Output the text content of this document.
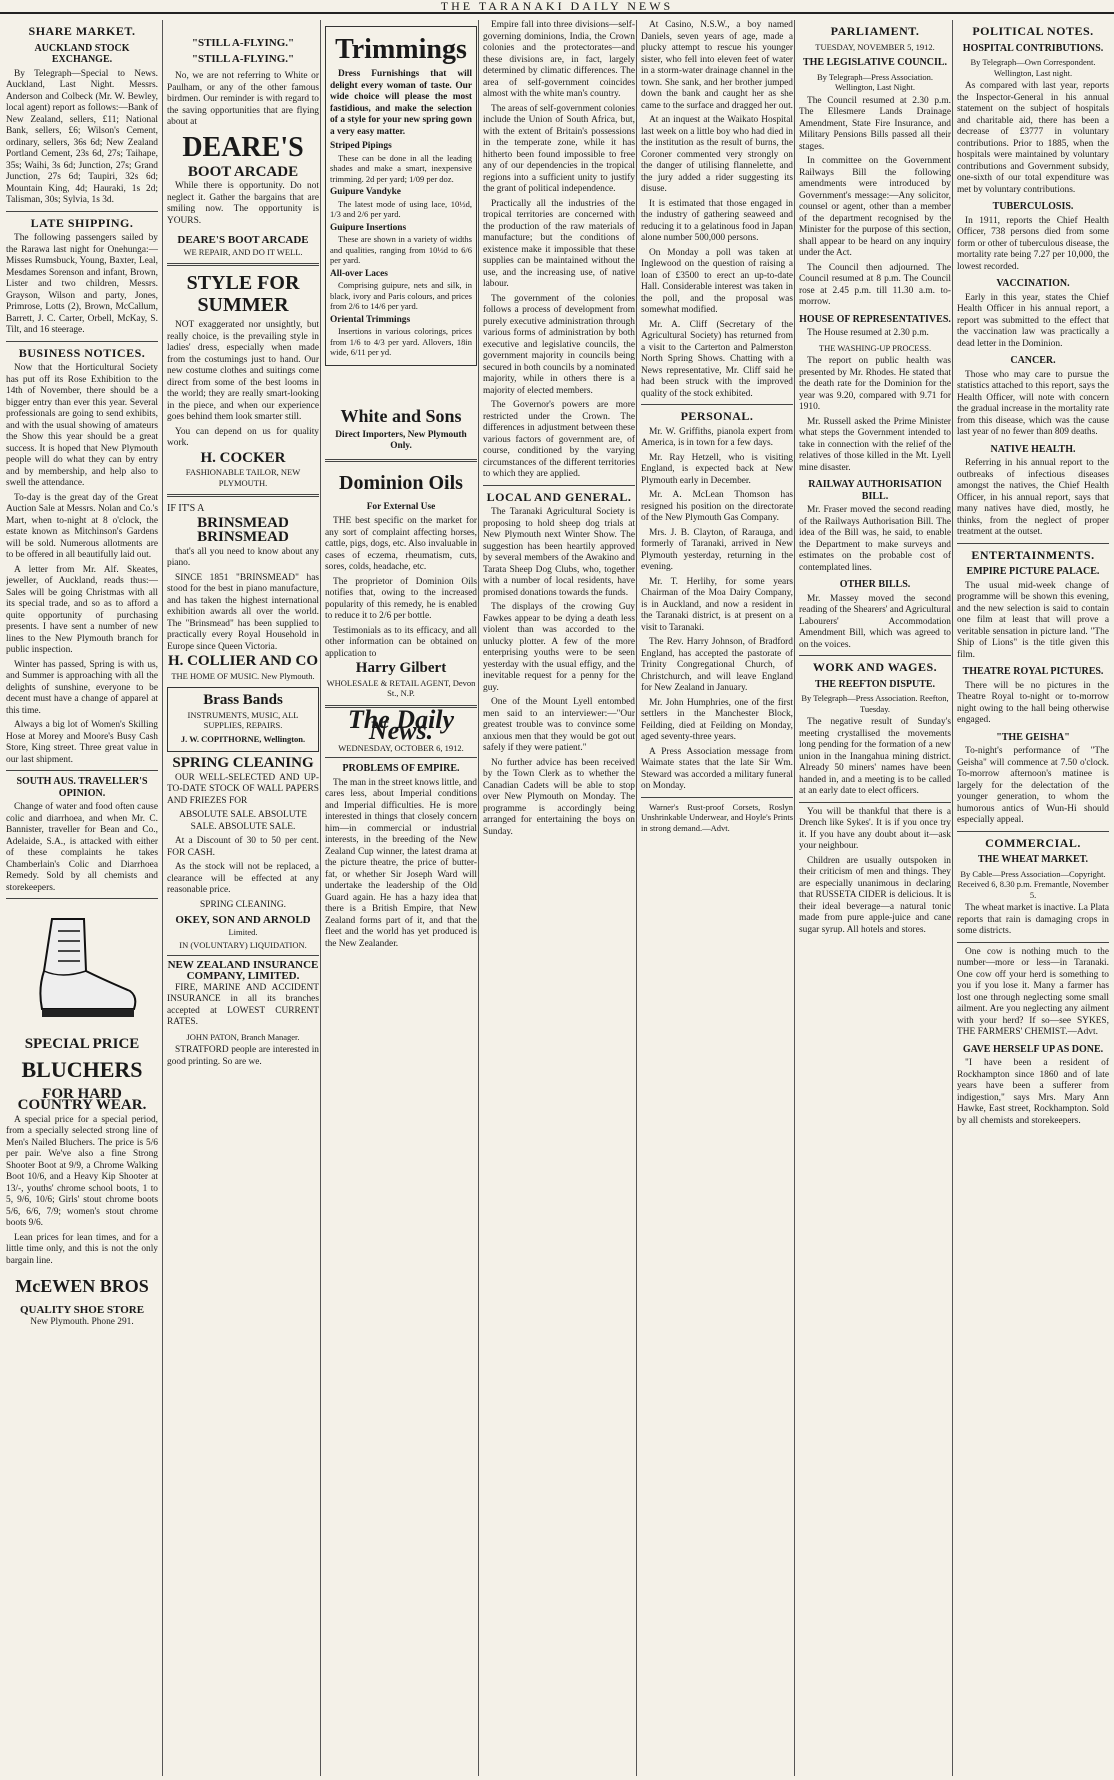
THE TARANAKI DAILY NEWS
SHARE MARKET.
AUCKLAND STOCK EXCHANGE.

By Telegraph—Special to News. Auckland, Last Night. Messrs. Anderson and Colbeck (Mr. W. Bewley, local agent) report as follows:—Bank of New Zealand, sellers, £11; National Bank, sellers, £6; Wilson's Cement, ordinary, sellers, 36s 6d; New Zealand Portland Cement, 23s 6d, 27s; Taihape, 35s; Waihi, 3s 6d; Junction, 27s; Grand Junction, 27s 6d; Taupiri, 32s 6d; Mountain King, 4d; Hauraki, 1s 2d; Talisman, 30s; Sylvia, 1s 3d.

LATE SHIPPING.

The following passengers sailed by the Rarawa last night for Onehunga:—Misses Rumsbuck, Young, Baxter, Leal, Mesdames Sorenson and infant, Brown, Lister and two children, Messrs. Grayson, Wilson and party, Jones, Primrose, Lotts (2), Brown, McCallum, Barrett, J. C. Carter, Orbell, McKay, S. Tilt, and 16 steerage.

BUSINESS NOTICES.

Now that the Horticultural Society has put off its Rose Exhibition to the 14th of November, there should be a bigger entry than ever this year. Several professionals are going to send exhibits, and with the usual showing of amateurs the Show this year should be a great success. It is hoped that New Plymouth people will do what they can by entry and by membership, and help also to swell the attendance.

To-day is the great day of the Great Auction Sale at Messrs. Nolan and Co.'s Mart, when to-night at 8 o'clock, the estate known as Mitchinson's Gardens will be sold. Numerous allotments are to be offered in all beautifully laid out.

A letter from Mr. Alf. Skeates, jeweller, of Auckland, reads thus:—Sales will be going Christmas with all its special trade, and so as to afford a quite opportunity of purchasing presents. I have sent a number of new lines to the New Plymouth branch for public inspection.

Winter has passed, Spring is with us, and Summer is approaching with all the delights of sunshine, everyone to be decent must have a change of apparel at this time.

Always a big lot of Women's Skilling Hose at Morey and Moore's Busy Cash Store, King street. Three great value in our last shipment.

SOUTH AUS. TRAVELLER'S OPINION.

Change of water and food often cause colic and diarrhoea, and when Mr. C. Bannister, traveller for Bean and Co., Adelaide, S.A., is attacked with either of these complaints he takes Chamberlain's Colic and Diarrhoea Remedy. Sold by all chemists and storekeepers.

SPECIAL PRICE
BLUCHERS
FOR HARD COUNTRY WEAR.

A special price for a special period, from a specially selected strong line of Men's Nailed Bluchers. The price is 5/6 per pair. We've also a fine Strong Shooter Boot at 9/9, a Chrome Walking Boot 10/6, and a Heavy Kip Shooter at 13/-, youths' chrome school boots, 1 to 5, 9/6, 10/6; Girls' stout chrome boots 5/6, 6/6, 7/9; women's stout chrome boots 9/6.

Lean prices for lean times, and for a little time only, and this is not the only bargain line.

McEWEN BROS
QUALITY SHOE STORE

New Plymouth. Phone 291.

"STILL A-FLYING."
"STILL A-FLYING."

No, we are not referring to White or Paulham, or any of the other famous birdmen. Our reminder is with regard to the saving opportunities that are flying about at

DEARE'S
BOOT ARCADE

While there is opportunity. Do not neglect it. Gather the bargains that are smiling now. The opportunity is YOURS.

DEARE'S BOOT ARCADE

WE REPAIR, AND DO IT WELL.

STYLE FOR SUMMER

NOT exaggerated nor unsightly, but really choice, is the prevailing style in ladies' dress, especially when made from the costumings just to hand. Our new costume clothes and suitings come direct from some of the best looms in the world; they are really smart-looking in the piece, and when our experience goes behind them look smarter still.

You can depend on us for quality work.

H. COCKER

FASHIONABLE TAILOR, NEW PLYMOUTH.

IF IT'S A
BRINSMEAD
BRINSMEAD

that's all you need to know about any piano.

SINCE 1851 "BRINSMEAD" has stood for the best in piano manufacture, and has taken the highest international exhibition awards all over the world. The "Brinsmead" has been supplied to practically every Royal Household in Europe since Queen Victoria.

H. COLLIER AND CO

THE HOME OF MUSIC. New Plymouth.

Brass Bands

INSTRUMENTS, MUSIC, ALL SUPPLIES, REPAIRS.

J. W. COPITHORNE, Wellington.

SPRING CLEANING

OUR WELL-SELECTED AND UP-TO-DATE STOCK OF WALL PAPERS AND FRIEZES FOR

ABSOLUTE SALE. ABSOLUTE SALE. ABSOLUTE SALE.

At a Discount of 30 to 50 per cent. FOR CASH.

As the stock will not be replaced, a clearance will be effected at any reasonable price.

SPRING CLEANING.

OKEY, SON AND ARNOLD

Limited.

IN (VOLUNTARY) LIQUIDATION.

NEW ZEALAND INSURANCE COMPANY, LIMITED.

FIRE, MARINE AND ACCIDENT INSURANCE in all its branches accepted at LOWEST CURRENT RATES.

JOHN PATON, Branch Manager.

STRATFORD people are interested in good printing. So are we.

Trimmings

Dress Furnishings that will delight every woman of taste. Our wide choice will please the most fastidious, and make the selection of a style for your new spring gown a very easy matter.

Striped Pipings

These can be done in all the leading shades and make a smart, inexpensive trimming. 2d per yard; 1/09 per doz.

Guipure Vandyke

The latest mode of using lace, 10½d, 1/3 and 2/6 per yard.

Guipure Insertions

These are shown in a variety of widths and qualities, ranging from 10½d to 6/6 per yard.

All-over Laces

Comprising guipure, nets and silk, in black, ivory and Paris colours, and prices from 2/6 to 14/6 per yard.

Oriental Trimmings

Insertions in various colorings, prices from 1/6 to 4/3 per yard. Allovers, 18in wide, 6/11 per yd.

White and Sons

Direct Importers, New Plymouth Only.

Dominion Oils

For External Use

THE best specific on the market for any sort of complaint affecting horses, cattle, pigs, dogs, etc. Also invaluable in cases of eczema, rheumatism, cuts, sores, colds, headache, etc.

The proprietor of Dominion Oils notifies that, owing to the increased popularity of this remedy, he is enabled to reduce it to 2/6 per bottle.

Testimonials as to its efficacy, and all other information can be obtained on application to

Harry Gilbert

WHOLESALE & RETAIL AGENT, Devon St., N.P.

The Daily News.

WEDNESDAY, OCTOBER 6, 1912.

PROBLEMS OF EMPIRE.

The man in the street knows little, and cares less, about Imperial conditions and Imperial difficulties. He is more interested in things that closely concern him—in commercial or industrial interests, in the breeding of the New Zealand Cup winner, the latest drama at the picture theatre, the price of butter-fat, or whether Sir Joseph Ward will undertake the leadership of the Old Guard again. He has a hazy idea that there is a British Empire, that New Zealand forms part of it, and that the fleet and the world has yet produced is the New Zealander.

Empire fall into three divisions—self-governing dominions, India, the Crown colonies and the protectorates—and these divisions are, in fact, largely determined by climatic differences. The area of self-government coincides almost with the white man's country.

The areas of self-government colonies include the Union of South Africa, but, with the extent of Britain's possessions in the temperate zone, while it has hitherto been found impossible to free any of our dependencies in the tropical regions into a sufficient unity to justify the grant of political independence.

Practically all the industries of the tropical territories are concerned with the production of the raw materials of manufacture; but the conditions of existence make it impossible that these supplies can be maintained without the use, and the increasing use, of native labour.

The government of the colonies follows a process of development from purely executive administration through various forms of administration by both executive and legislative councils, the government majority in councils being secured in both councils by a nominated majority, while in others there is a majority of elected members.

The Governor's powers are more restricted under the Crown. The differences in adjustment between these various factors of government are, of course, conditioned by the varying circumstances of the different territories to which they are applied.

LOCAL AND GENERAL.

The Taranaki Agricultural Society is proposing to hold sheep dog trials at New Plymouth next Winter Show. The suggestion has been heartily approved by several members of the Awakino and Tarata Sheep Dog Clubs, who, together with a number of local residents, have promised donations towards the funds.

The displays of the crowing Guy Fawkes appear to be dying a death less violent than was accorded to the unlucky plotter. A few of the more enterprising youths were to be seen yesterday with the usual effigy, and the inevitable request for a penny for the guy.

One of the Mount Lyell entombed men said to an interviewer:—"Our greatest trouble was to convince some anxious men that they would be got out safely if they were patient."

No further advice has been received by the Town Clerk as to whether the Canadian Cadets will be able to stop over New Plymouth on Monday. The programme is accordingly being arranged for entertaining the boys on Sunday.

At Casino, N.S.W., a boy named Daniels, seven years of age, made a plucky attempt to rescue his younger sister, who fell into eleven feet of water in a storm-water drainage channel in the town. She sank, and her brother jumped down the bank and caught her as she came to the surface and dragged her out.

At an inquest at the Waikato Hospital last week on a little boy who had died in the institution as the result of burns, the Coroner commented very strongly on the danger of utilising flannelette, and the jury added a rider suggesting its disuse.

It is estimated that those engaged in the industry of gathering seaweed and reducing it to a gelatinous food in Japan alone number 500,000 persons.

On Monday a poll was taken at Inglewood on the question of raising a loan of £3500 to erect an up-to-date Hall. Considerable interest was taken in the poll, and the proposal was somewhat modified.

Mr. A. Cliff (Secretary of the Agricultural Society) has returned from a visit to the Carterton and Palmerston North Spring Shows. Chatting with a News representative, Mr. Cliff said he had been struck with the improved quality of the stock exhibited.

PERSONAL.

Mr. W. Griffiths, pianola expert from America, is in town for a few days.

Mr. Ray Hetzell, who is visiting England, is expected back at New Plymouth early in December.

Mr. A. McLean Thomson has resigned his position on the directorate of the New Plymouth Gas Company.

Mrs. J. B. Clayton, of Rarauga, and formerly of Taranaki, arrived in New Plymouth yesterday, returning in the evening.

Mr. T. Herlihy, for some years Chairman of the Moa Dairy Company, is in Auckland, and now a resident in the Taranaki district, is at present on a visit to Taranaki.

The Rev. Harry Johnson, of Bradford England, has accepted the pastorate of Trinity Congregational Church, of Christchurch, and will leave England for New Zealand in January.

Mr. John Humphries, one of the first settlers in the Manchester Block, Feilding, died at Feilding on Monday, aged seventy-three years.

A Press Association message from Waimate states that the late Sir Wm. Steward was accorded a military funeral on Monday.

Warner's Rust-proof Corsets, Roslyn Unshrinkable Underwear, and Hoyle's Prints in strong demand.—Advt.

PARLIAMENT.

TUESDAY, NOVEMBER 5, 1912.

THE LEGISLATIVE COUNCIL.

By Telegraph—Press Association. Wellington, Last Night.

The Council resumed at 2.30 p.m. The Ellesmere Lands Drainage Amendment, State Fire Insurance, and Military Pensions Bills passed all their stages.

In committee on the Government Railways Bill the following amendments were introduced by Government's message:—Any solicitor, counsel or agent, other than a member of the department recognised by the Minister for the purpose of this section, shall appear to be heard on any inquiry under the Act.

The Council then adjourned. The Council resumed at 8 p.m. The Council rose at 2.45 p.m. till 11.30 a.m. to-morrow.

HOUSE OF REPRESENTATIVES.

The House resumed at 2.30 p.m.

THE WASHING-UP PROCESS.

The report on public health was presented by Mr. Rhodes. He stated that the death rate for the Dominion for the year was 9.20, compared with 9.71 for 1910.

Mr. Russell asked the Prime Minister what steps the Government intended to take in connection with the relief of the relatives of those killed in the Mt. Lyell mine disaster.

RAILWAY AUTHORISATION BILL.

Mr. Fraser moved the second reading of the Railways Authorisation Bill. The idea of the Bill was, he said, to enable the Department to make surveys and estimates on the probable cost of contemplated lines.

OTHER BILLS.

Mr. Massey moved the second reading of the Shearers' and Agricultural Labourers' Accommodation Amendment Bill, which was agreed to on the voices.

WORK AND WAGES.
THE REEFTON DISPUTE.

By Telegraph—Press Association. Reefton, Tuesday.

The negative result of Sunday's meeting crystallised the movements long pending for the formation of a new union in the Inangahua mining district. Already 50 miners' names have been handed in, and a meeting is to be called at an early date to elect officers.

You will be thankful that there is a Drench like Sykes'. It is if you once try it. If you have any doubt about it—ask your neighbour.

Children are usually outspoken in their criticism of men and things. They are especially unanimous in declaring that RUSSETA CIDER is delicious. It is their ideal beverage—a natural tonic made from pure apple-juice and cane sugar syrup. All hotels and stores.

POLITICAL NOTES.
HOSPITAL CONTRIBUTIONS.

By Telegraph—Own Correspondent. Wellington, Last night.

As compared with last year, reports the Inspector-General in his annual statement on the subject of hospitals and charitable aid, there has been a decrease of £3777 in voluntary contributions. Prior to 1885, when the hospitals were maintained by voluntary contributions and Government subsidy, one-sixth of our total expenditure was met by voluntary contributions.

TUBERCULOSIS.

In 1911, reports the Chief Health Officer, 738 persons died from some form or other of tuberculous disease, the mortality rate being 7.27 per 10,000, the lowest recorded.

VACCINATION.

Early in this year, states the Chief Health Officer in his annual report, a report was submitted to the effect that the vaccination law was practically a dead letter in the Dominion.

CANCER.

Those who may care to pursue the statistics attached to this report, says the Health Officer, will note with concern the gradual increase in the mortality rate from this disease, which was the cause last year of no fewer than 809 deaths.

NATIVE HEALTH.

Referring in his annual report to the outbreaks of infectious diseases amongst the natives, the Chief Health Officer, in his annual report, says that many natives have died, mostly, he thinks, from the neglect of proper treatment at the outset.

ENTERTAINMENTS.
EMPIRE PICTURE PALACE.

The usual mid-week change of programme will be shown this evening, and the new selection is said to contain one film at least that will prove a veritable sensation in picture land. "The Ship of Lions" is the title given this film.

THEATRE ROYAL PICTURES.

There will be no pictures in the Theatre Royal to-night or to-morrow night owing to the hall being otherwise engaged.

"THE GEISHA"

To-night's performance of "The Geisha" will commence at 7.50 o'clock. To-morrow afternoon's matinee is largely for the delectation of the younger generation, to whom the humorous antics of Wun-Hi should especially appeal.

COMMERCIAL.
THE WHEAT MARKET.

By Cable—Press Association—Copyright. Received 6, 8.30 p.m. Fremantle, November 5.

The wheat market is inactive. La Plata reports that rain is damaging crops in some districts.

One cow is nothing much to the number—more or less—in Taranaki. One cow off your herd is something to you if you lose it. Many a farmer has lost one through neglecting some small ailment. Are you neglecting any ailment with your herd? If so—see SYKES, THE FARMERS' CHEMIST.—Advt.

GAVE HERSELF UP AS DONE.

"I have been a resident of Rockhampton since 1860 and of late years have been a sufferer from indigestion," says Mrs. Mary Ann Hawke, East street, Rockhampton. Sold by all chemists and storekeepers.
